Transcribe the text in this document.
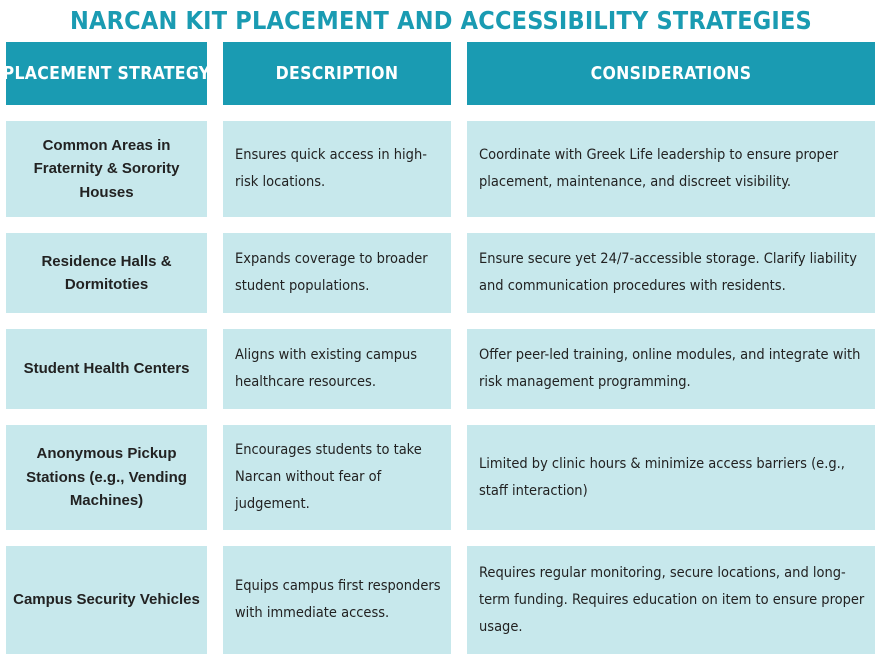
NARCAN KIT PLACEMENT AND ACCESSIBILITY STRATEGIES
PLACEMENT STRATEGY	DESCRIPTION	CONSIDERATIONS
Common Areas in Fraternity & Sorority Houses
Ensures quick access in high-risk locations.
Coordinate with Greek Life leadership to ensure proper placement, maintenance, and discreet visibility.
Residence Halls & Dormitoties
Expands coverage to broader student populations.
Ensure secure yet 24/7-accessible storage. Clarify liability and communication procedures with residents.
Student Health Centers
Aligns with existing campus healthcare resources.
Offer peer-led training, online modules, and integrate with risk management programming.
Anonymous Pickup Stations (e.g., Vending Machines)
Encourages students to take Narcan without fear of judgement.
Limited by clinic hours & minimize access barriers (e.g., staff interaction)
Campus Security Vehicles
Equips campus first responders with immediate access.
Requires regular monitoring, secure locations, and long-term funding. Requires education on item to ensure proper usage.
